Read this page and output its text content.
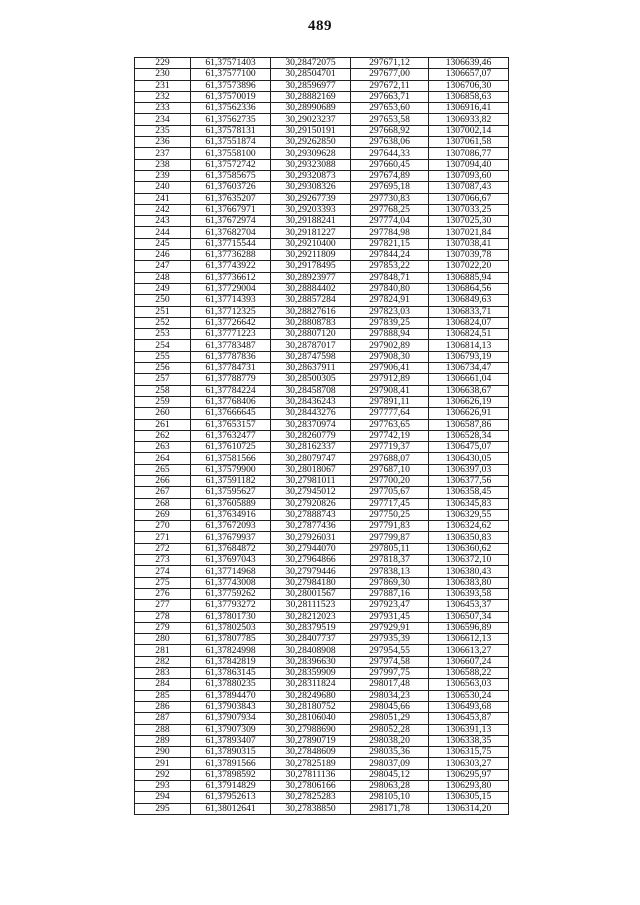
489
229	61,37571403	30,28472075	297671,12	1306639,46
230	61,37577100	30,28504701	297677,00	1306657,07
231	61,37573896	30,28596977	297672,11	1306706,30
232	61,37570019	30,28882169	297663,71	1306858,63
233	61,37562336	30,28990689	297653,60	1306916,41
234	61,37562735	30,29023237	297653,58	1306933,82
235	61,37578131	30,29150191	297668,92	1307002,14
236	61,37551874	30,29262850	297638,06	1307061,58
237	61,37558100	30,29309628	297644,33	1307086,77
238	61,37572742	30,29323088	297660,45	1307094,40
239	61,37585675	30,29320873	297674,89	1307093,60
240	61,37603726	30,29308326	297695,18	1307087,43
241	61,37635207	30,29267739	297730,83	1307066,67
242	61,37667971	30,29203393	297768,25	1307033,25
243	61,37672974	30,29188241	297774,04	1307025,30
244	61,37682704	30,29181227	297784,98	1307021,84
245	61,37715544	30,29210400	297821,15	1307038,41
246	61,37736288	30,29211809	297844,24	1307039,78
247	61,37743922	30,29178495	297853,22	1307022,20
248	61,37736612	30,28923977	297848,71	1306885,94
249	61,37729004	30,28884402	297840,80	1306864,56
250	61,37714393	30,28857284	297824,91	1306849,63
251	61,37712325	30,28827616	297823,03	1306833,71
252	61,37726642	30,28808783	297839,25	1306824,07
253	61,37771223	30,28807120	297888,94	1306824,51
254	61,37783487	30,28787017	297902,89	1306814,13
255	61,37787836	30,28747598	297908,30	1306793,19
256	61,37784731	30,28637911	297906,41	1306734,47
257	61,37788779	30,28500305	297912,89	1306661,04
258	61,37784224	30,28458708	297908,41	1306638,67
259	61,37768406	30,28436243	297891,11	1306626,19
260	61,37666645	30,28443276	297777,64	1306626,91
261	61,37653157	30,28370974	297763,65	1306587,86
262	61,37632477	30,28260779	297742,19	1306528,34
263	61,37610725	30,28162337	297719,37	1306475,07
264	61,37581566	30,28079747	297688,07	1306430,05
265	61,37579900	30,28018067	297687,10	1306397,03
266	61,37591182	30,27981011	297700,20	1306377,56
267	61,37595627	30,27945012	297705,67	1306358,45
268	61,37605889	30,27920826	297717,45	1306345,83
269	61,37634916	30,27888743	297750,25	1306329,55
270	61,37672093	30,27877436	297791,83	1306324,62
271	61,37679937	30,27926031	297799,87	1306350,83
272	61,37684872	30,27944070	297805,11	1306360,62
273	61,37697043	30,27964866	297818,37	1306372,10
274	61,37714968	30,27979446	297838,13	1306380,43
275	61,37743008	30,27984180	297869,30	1306383,80
276	61,37759262	30,28001567	297887,16	1306393,58
277	61,37793272	30,28111523	297923,47	1306453,37
278	61,37801730	30,28212023	297931,45	1306507,34
279	61,37802503	30,28379519	297929,91	1306596,89
280	61,37807785	30,28407737	297935,39	1306612,13
281	61,37824998	30,28408908	297954,55	1306613,27
282	61,37842819	30,28396630	297974,58	1306607,24
283	61,37863145	30,28359909	297997,75	1306588,22
284	61,37880235	30,28311824	298017,48	1306563,03
285	61,37894470	30,28249680	298034,23	1306530,24
286	61,37903843	30,28180752	298045,66	1306493,68
287	61,37907934	30,28106040	298051,29	1306453,87
288	61,37907309	30,27988690	298052,28	1306391,13
289	61,37893407	30,27890719	298038,20	1306338,35
290	61,37890315	30,27848609	298035,36	1306315,75
291	61,37891566	30,27825189	298037,09	1306303,27
292	61,37898592	30,27811136	298045,12	1306295,97
293	61,37914829	30,27806166	298063,28	1306293,80
294	61,37952613	30,27825283	298105,10	1306305,15
295	61,38012641	30,27838850	298171,78	1306314,20
